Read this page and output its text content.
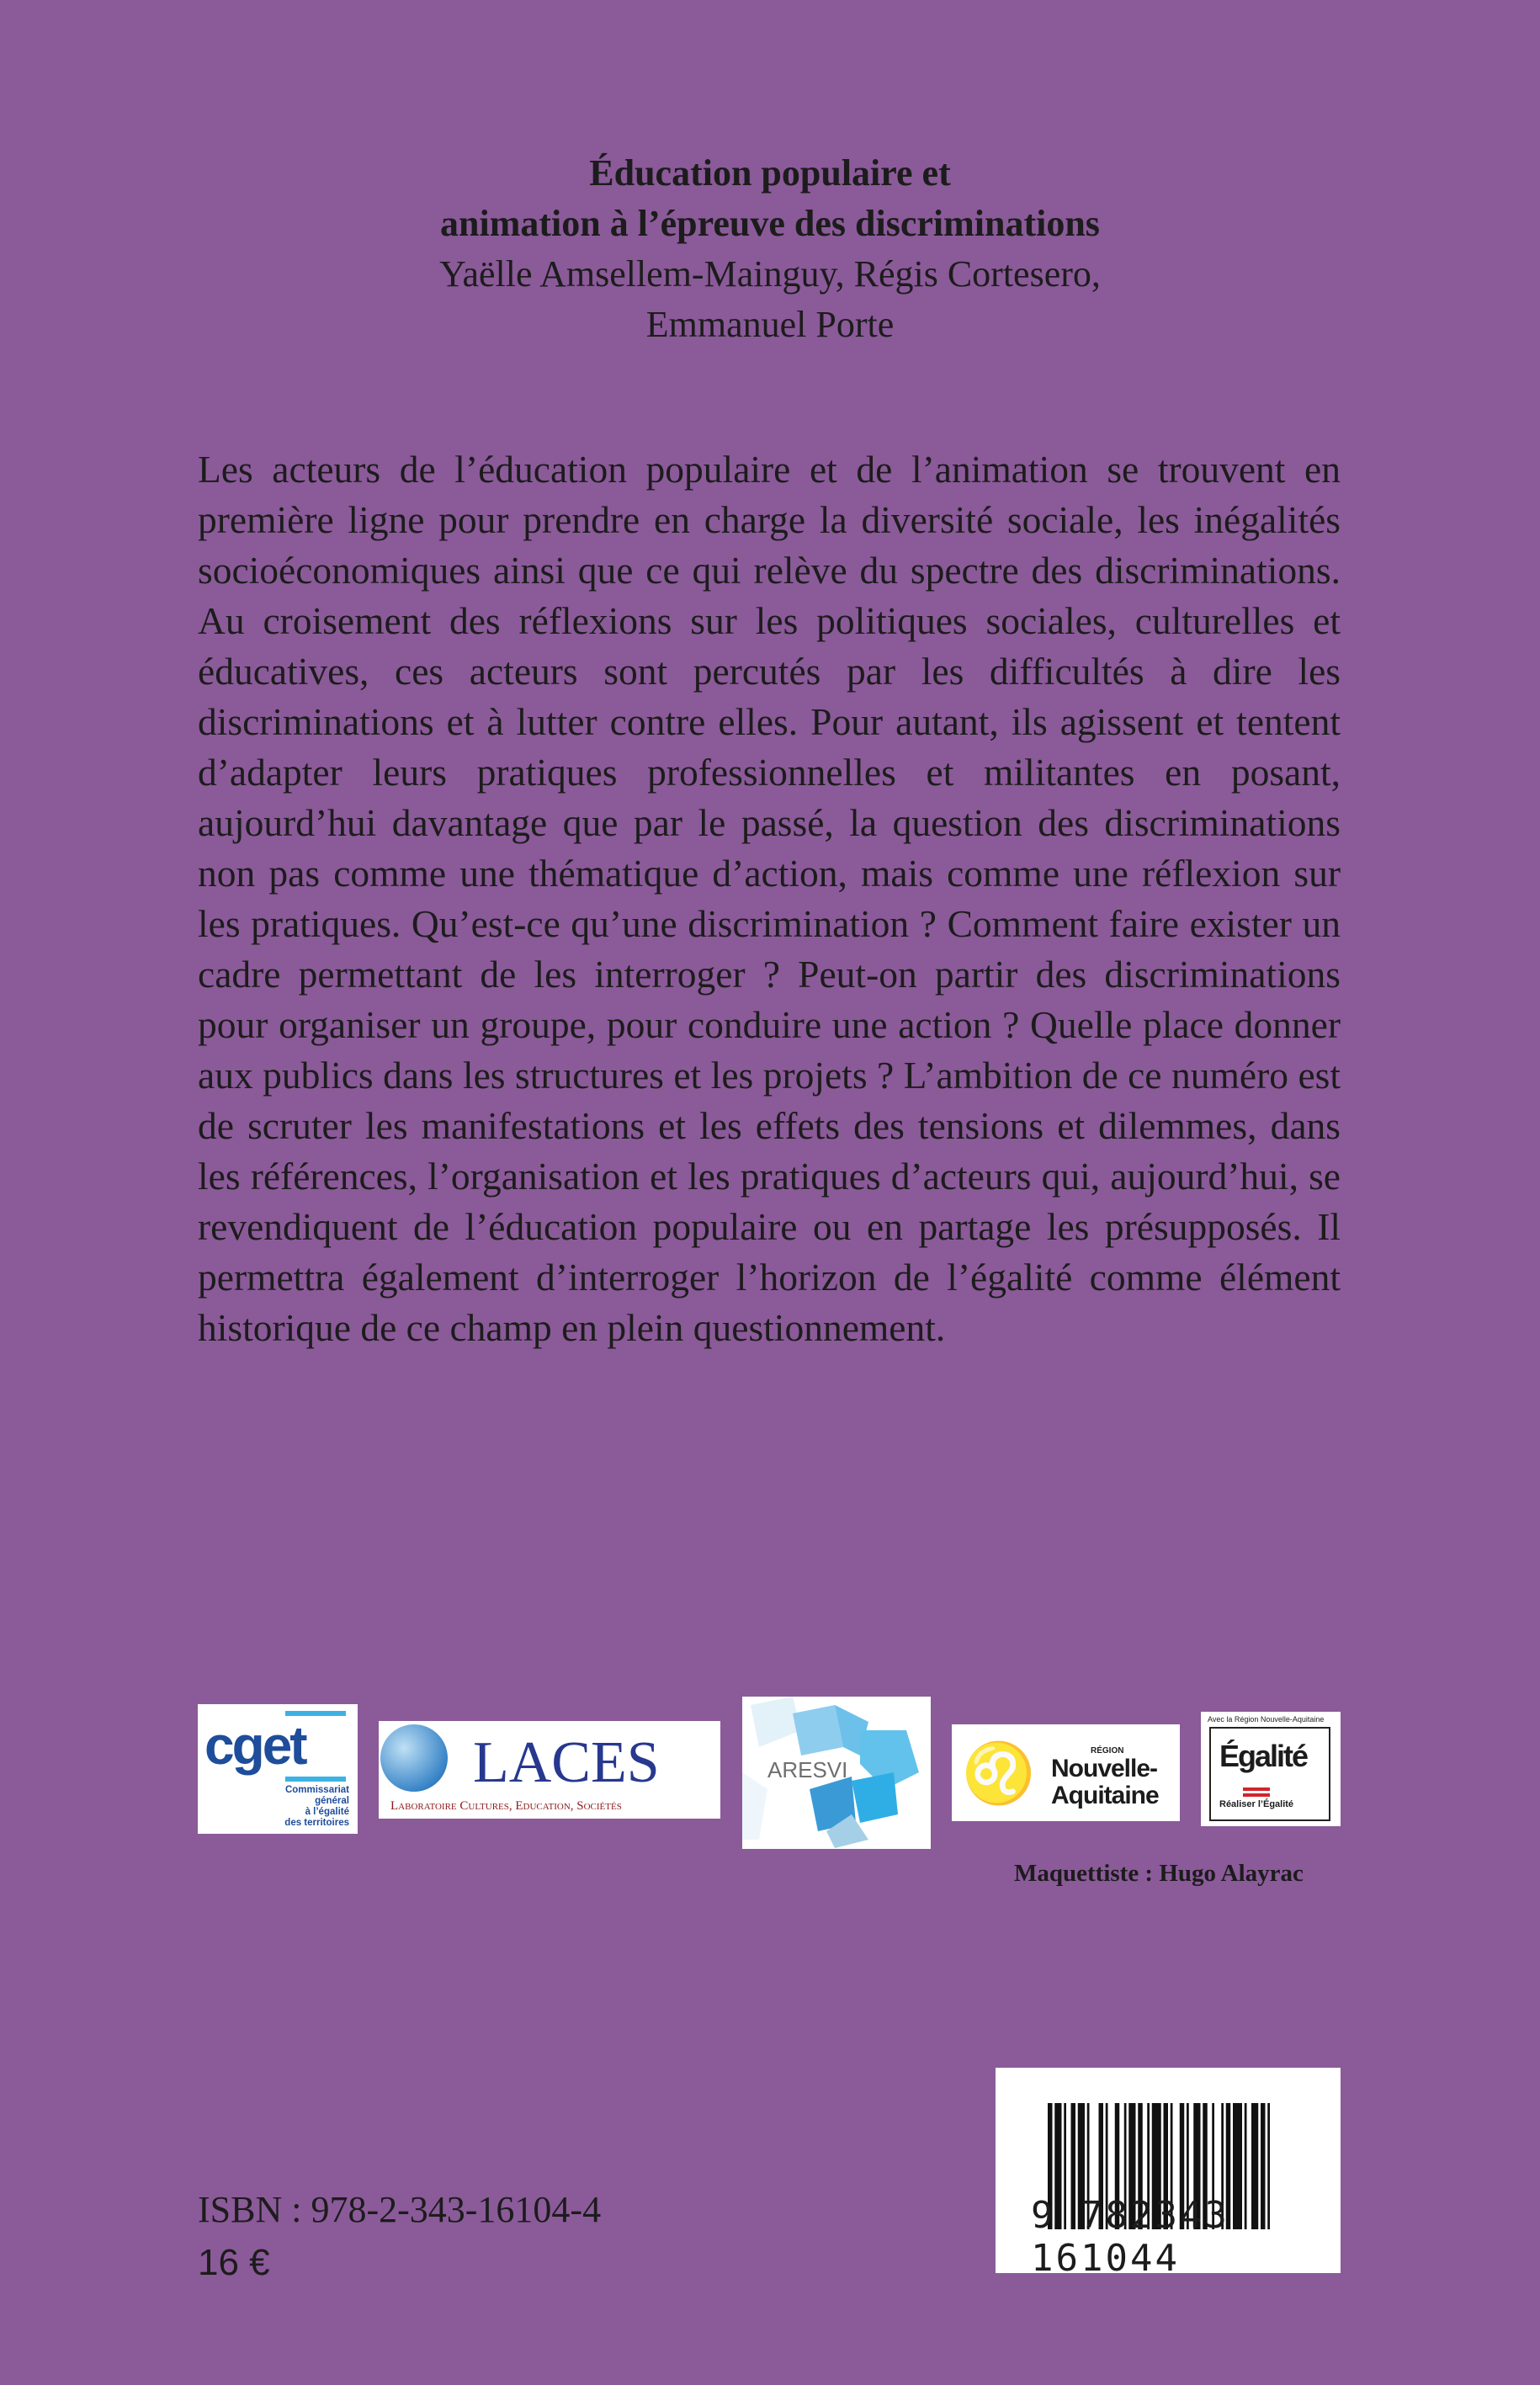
Éducation populaire et
animation à l’épreuve des discriminations
Yaëlle Amsellem-Mainguy, Régis Cortesero,
Emmanuel Porte
Les acteurs de l’éducation populaire et de l’animation se trouvent en première ligne pour prendre en charge la diversité sociale, les inégalités socioéconomiques ainsi que ce qui relève du spectre des discriminations. Au croisement des réflexions sur les politiques sociales, culturelles et éducatives, ces acteurs sont percutés par les difficultés à dire les discriminations et à lutter contre elles. Pour autant, ils agissent et tentent d’adapter leurs pratiques professionnelles et militantes en posant, aujourd’hui davantage que par le passé, la question des discriminations non pas comme une thématique d’action, mais comme une réflexion sur les pratiques. Qu’est-ce qu’une discrimination ? Comment faire exister un cadre permettant de les interroger ? Peut-on partir des discriminations pour organiser un groupe, pour conduire une action ? Quelle place donner aux publics dans les structures et les projets ? L’ambition de ce numéro est de scruter les manifestations et les effets des tensions et dilemmes, dans les références, l’organisation et les pratiques d’acteurs qui, aujourd’hui, se revendiquent de l’éducation populaire ou en partage les présupposés. Il permettra également d’interroger l’horizon de l’égalité comme élément historique de ce champ en plein questionnement.
cget
Commissariat
général
à l’égalité
des territoires
LACES
Laboratoire Cultures, Education, Sociétés
ARESVI ♌	RÉGION
Nouvelle-
Aquitaine
Avec la Région Nouvelle-Aquitaine
Égalité
Réaliser l’Égalité
Maquettiste : Hugo Alayrac
9 782343 161044
ISBN : 978-2-343-16104-4
16 €
